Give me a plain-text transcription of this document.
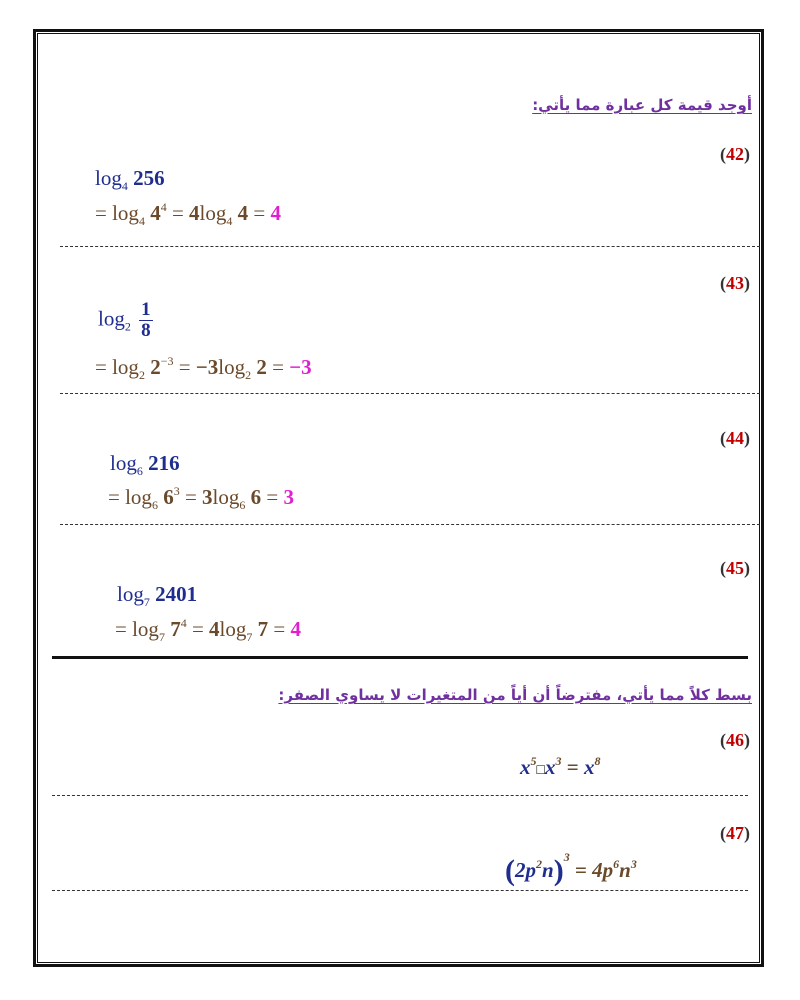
أوجد قيمة كل عبارة مما يأتي:
(42)
$\log_4 256$
= $\log_4 4^4 = 4\log_4$ 4 = 4
(43)
$\log_2 \frac{1}{8}$
= $\log_2 2^{-3} = -3\log_2$ 2 = −3
(44)
$\log_6 216$
= $\log_6 6^3 = 3\log_6$ 6 = 3
(45)
$\log_7 2401$
= $\log_7 7^4 = 4\log_7$ 7 = 4
بسط كلاً مما يأتي، مفترضاً أن أياً من المتغيرات لا يساوي الصفر:
(46)
$x^5□x^3 = x^8$
(47)
$(2p^2n)^3 = 4p^6n^3$
